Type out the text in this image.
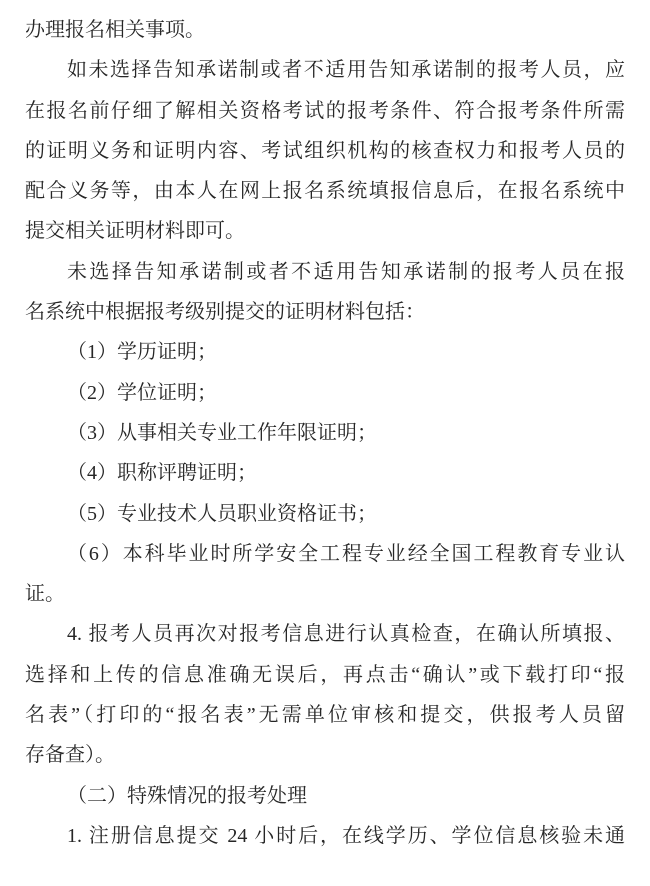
办理报名相关事项。
如未选择告知承诺制或者不适用告知承诺制的报考人员，应
在报名前仔细了解相关资格考试的报考条件、符合报考条件所需
的证明义务和证明内容、考试组织机构的核查权力和报考人员的
配合义务等，由本人在网上报名系统填报信息后，在报名系统中
提交相关证明材料即可。
未选择告知承诺制或者不适用告知承诺制的报考人员在报
名系统中根据报考级别提交的证明材料包括：
（1）学历证明；
（2）学位证明；
（3）从事相关专业工作年限证明；
（4）职称评聘证明；
（5）专业技术人员职业资格证书；
（6）本科毕业时所学安全工程专业经全国工程教育专业认
证。
4. 报考人员再次对报考信息进行认真检查，在确认所填报、
选择和上传的信息准确无误后，再点击“确认”或下载打印“报
名表”（打印的“报名表”无需单位审核和提交，供报考人员留
存备查）。
（二）特殊情况的报考处理
1. 注册信息提交 24 小时后，在线学历、学位信息核验未通
